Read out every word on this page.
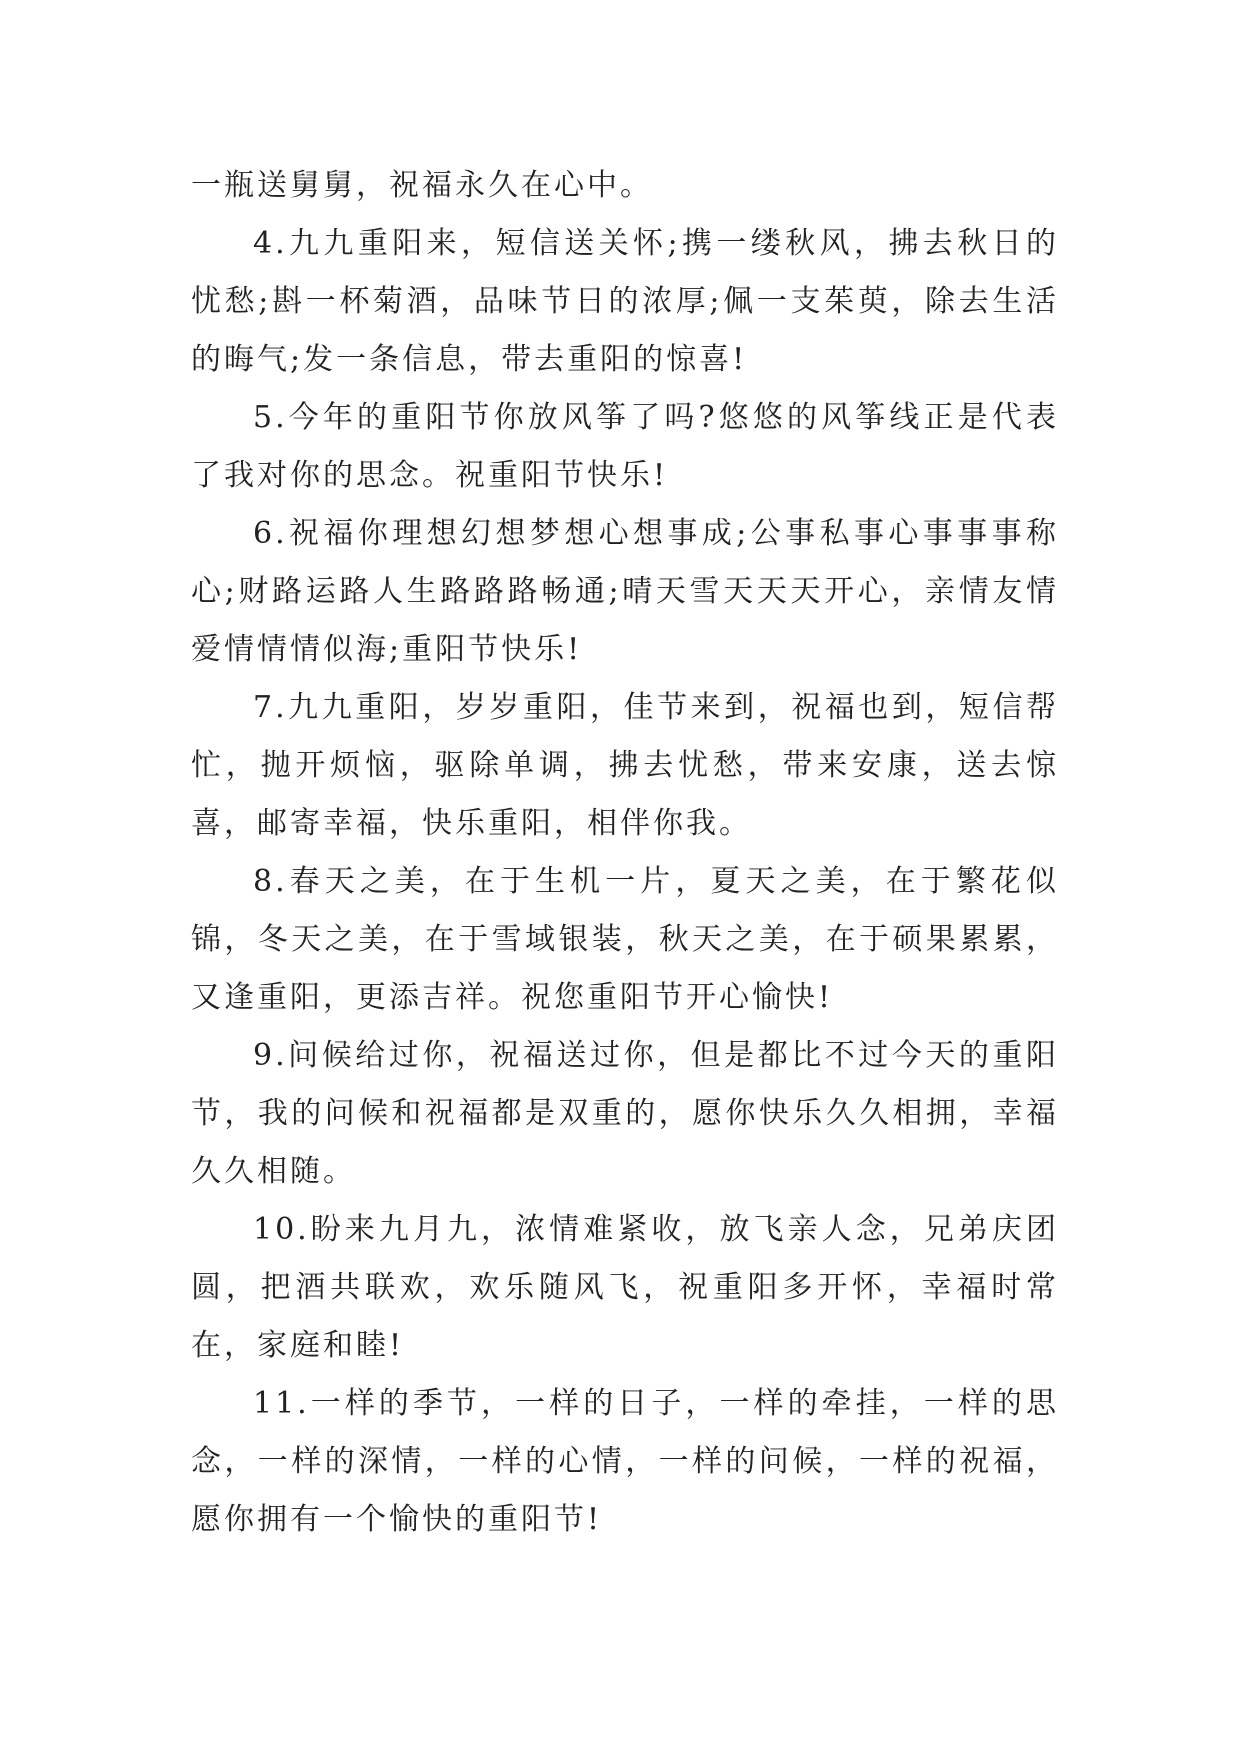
一瓶送舅舅，祝福永久在心中。

4.九九重阳来，短信送关怀;携一缕秋风，拂去秋日的忧愁;斟一杯菊酒，品味节日的浓厚;佩一支茱萸，除去生活的晦气;发一条信息，带去重阳的惊喜!

5.今年的重阳节你放风筝了吗?悠悠的风筝线正是代表了我对你的思念。祝重阳节快乐!

6.祝福你理想幻想梦想心想事成;公事私事心事事事称心;财路运路人生路路路畅通;晴天雪天天天开心，亲情友情爱情情情似海;重阳节快乐!

7.九九重阳，岁岁重阳，佳节来到，祝福也到，短信帮忙，抛开烦恼，驱除单调，拂去忧愁，带来安康，送去惊喜，邮寄幸福，快乐重阳，相伴你我。

8.春天之美，在于生机一片，夏天之美，在于繁花似锦，冬天之美，在于雪域银装，秋天之美，在于硕果累累，又逢重阳，更添吉祥。祝您重阳节开心愉快!

9.问候给过你，祝福送过你，但是都比不过今天的重阳节，我的问候和祝福都是双重的，愿你快乐久久相拥，幸福久久相随。

10.盼来九月九，浓情难紧收，放飞亲人念，兄弟庆团圆，把酒共联欢，欢乐随风飞，祝重阳多开怀，幸福时常在，家庭和睦!

11.一样的季节，一样的日子，一样的牵挂，一样的思念，一样的深情，一样的心情，一样的问候，一样的祝福，愿你拥有一个愉快的重阳节!
